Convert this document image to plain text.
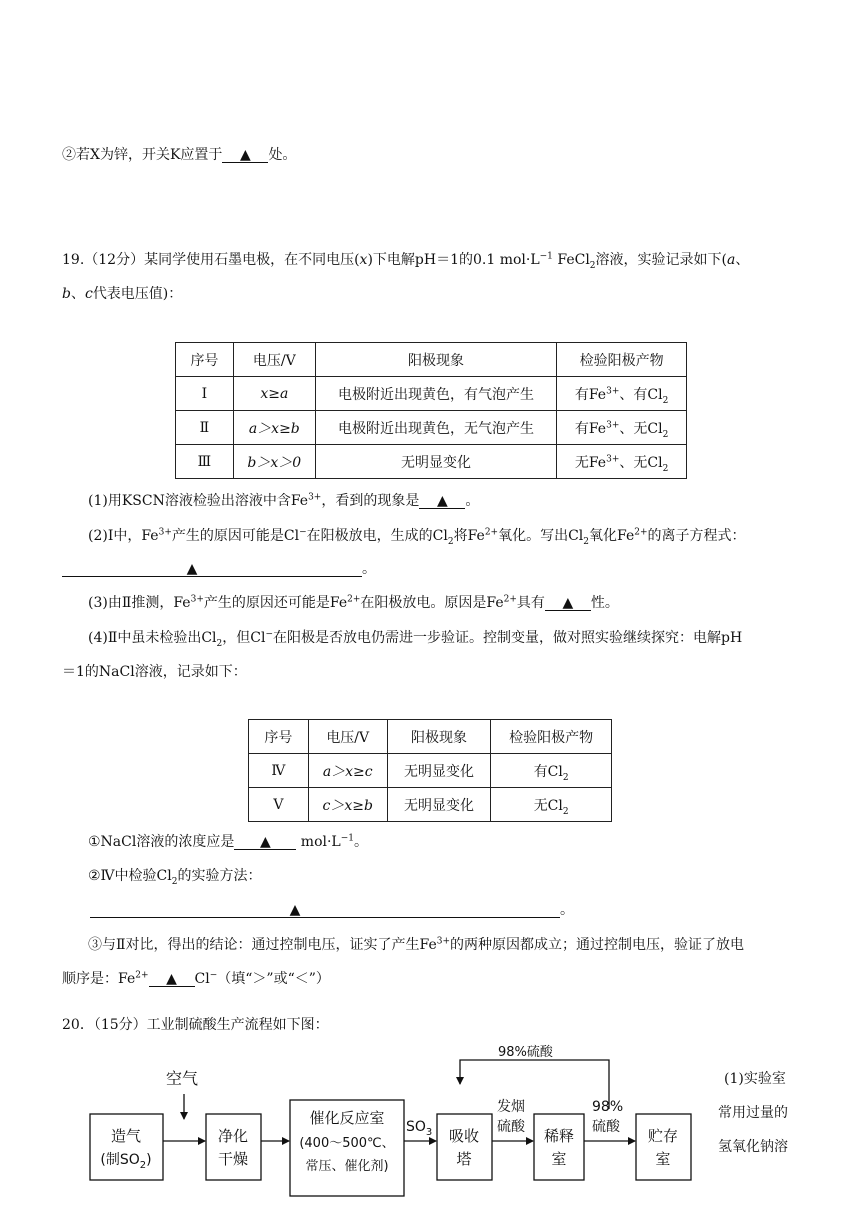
②若X为锌，开关K应置于 ▲ 处。
19.（12分）某同学使用石墨电极，在不同电压(x)下电解pH＝1的0.1 $mol\cdot L^{-1}$ FeCl$_2$溶液，实验记录如下(a、
b、c代表电压值)：
序号	电压/V	阳极现象	检验阳极产物
Ⅰ	x≥a	电极附近出现黄色，有气泡产生	有$Fe^{3+}$、有$Cl_2$
Ⅱ	a＞x≥b	电极附近出现黄色，无气泡产生	有$Fe^{3+}$、无$Cl_2$
Ⅲ	b＞x＞0	无明显变化	无$Fe^{3+}$、无$Cl_2$
(1)用KSCN溶液检验出溶液中含$Fe^{3+}$，看到的现象是 ▲ 。
(2)Ⅰ中，$Fe^{3+}$产生的原因可能是Cl−在阳极放电，生成的$Cl_2$将$Fe^{2+}$氧化。写出$Cl_2$氧化$Fe^{2+}$的离子方程式：
▲	。
(3)由Ⅱ推测，$Fe^{3+}$产生的原因还可能是$Fe^{2+}$在阳极放电。原因是$Fe^{2+}$具有 ▲ 性。
(4)Ⅱ中虽未检验出$Cl_2$，但Cl−在阳极是否放电仍需进一步验证。控制变量，做对照实验继续探究：电解pH
＝1的NaCl溶液，记录如下：
序号	电压/V	阳极现象	检验阳极产物
Ⅳ	a＞x≥c	无明显变化	有$Cl_2$
Ⅴ	c＞x≥b	无明显变化	无$Cl_2$
①NaCl溶液的浓度应是 ▲ $mol\cdot L^{-1}$。
②Ⅳ中检验$Cl_2$的实验方法：
▲	。
③与Ⅱ对比，得出的结论：通过控制电压，证实了产生$Fe^{3+}$的两种原因都成立；通过控制电压，验证了放电
顺序是：$Fe^{2+}$ ▲ Cl−（填“＞”或“＜”）
20．（15分）工业制硫酸生产流程如下图：
98%硫酸
空气
造气
(制$SO_2$)
净化
干燥
催化反应室
(400～500℃、
常压、催化剂)
$SO_3$ 吸收
塔
发烟
硫酸 稀释
室
98%
硫酸 贮存
室
(1)实验室
常用过量的
氢氧化钠溶
